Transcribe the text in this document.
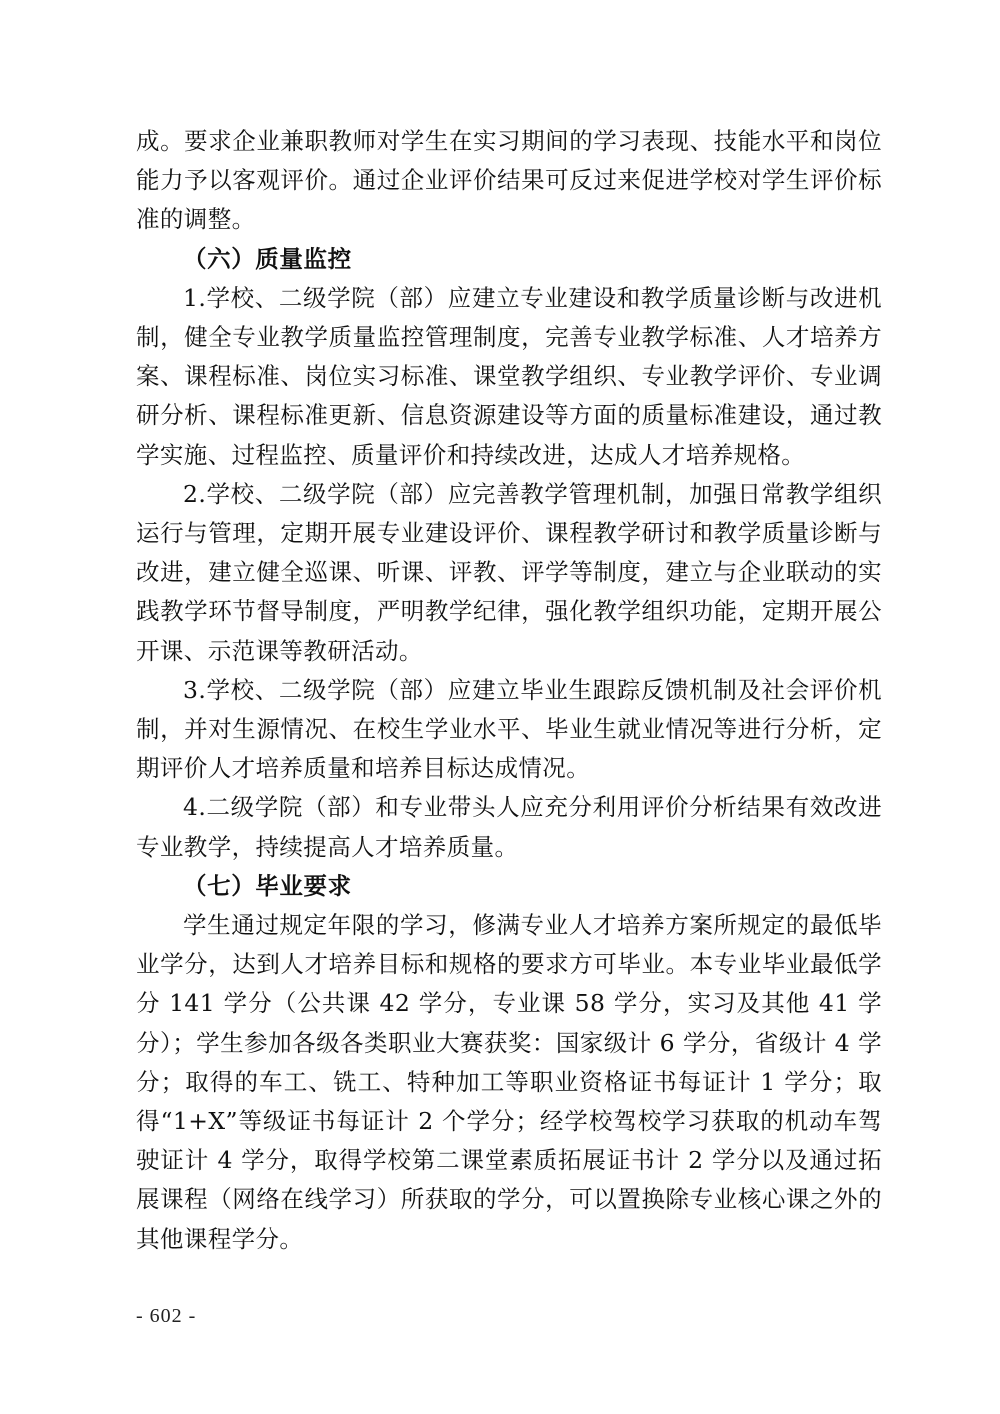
成。要求企业兼职教师对学生在实习期间的学习表现、技能水平和岗位能力予以客观评价。通过企业评价结果可反过来促进学校对学生评价标准的调整。

（六）质量监控

1.学校、二级学院（部）应建立专业建设和教学质量诊断与改进机制，健全专业教学质量监控管理制度，完善专业教学标准、人才培养方案、课程标准、岗位实习标准、课堂教学组织、专业教学评价、专业调研分析、课程标准更新、信息资源建设等方面的质量标准建设，通过教学实施、过程监控、质量评价和持续改进，达成人才培养规格。

2.学校、二级学院（部）应完善教学管理机制，加强日常教学组织运行与管理，定期开展专业建设评价、课程教学研讨和教学质量诊断与改进，建立健全巡课、听课、评教、评学等制度，建立与企业联动的实践教学环节督导制度，严明教学纪律，强化教学组织功能，定期开展公开课、示范课等教研活动。

3.学校、二级学院（部）应建立毕业生跟踪反馈机制及社会评价机制，并对生源情况、在校生学业水平、毕业生就业情况等进行分析，定期评价人才培养质量和培养目标达成情况。

4.二级学院（部）和专业带头人应充分利用评价分析结果有效改进专业教学，持续提高人才培养质量。

（七）毕业要求

学生通过规定年限的学习，修满专业人才培养方案所规定的最低毕业学分，达到人才培养目标和规格的要求方可毕业。本专业毕业最低学分 141 学分（公共课 42 学分，专业课 58 学分，实习及其他 41 学分）；学生参加各级各类职业大赛获奖：国家级计 6 学分，省级计 4 学分；取得的车工、铣工、特种加工等职业资格证书每证计 1 学分；取得“1+X”等级证书每证计 2 个学分；经学校驾校学习获取的机动车驾驶证计 4 学分，取得学校第二课堂素质拓展证书计 2 学分以及通过拓展课程（网络在线学习）所获取的学分，可以置换除专业核心课之外的其他课程学分。

- 602 -
